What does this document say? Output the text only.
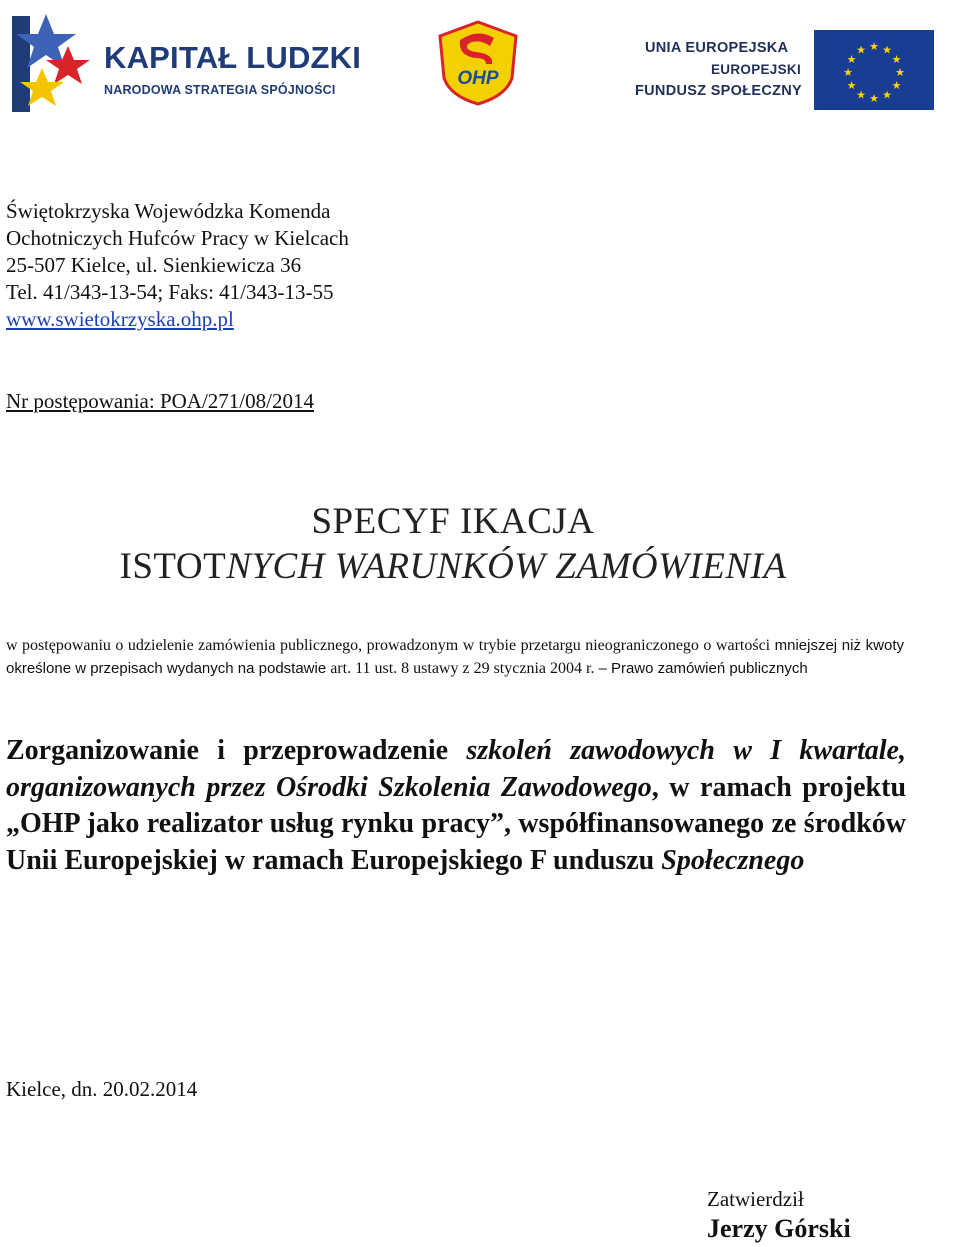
KAPITAŁ LUDZKI
NARODOWA STRATEGIA SPÓJNOŚCI
OHP
UNIA EUROPEJSKA
EUROPEJSKI
FUNDUSZ SPOŁECZNY
★ ★
★
★
★
★
★
★
★
★
★
★
Świętokrzyska Wojewódzka Komenda
Ochotniczych Hufców Pracy w Kielcach
25-507 Kielce, ul. Sienkiewicza 36
Tel. 41/343-13-54; Faks: 41/343-13-55
www.swietokrzyska.ohp.pl
Nr postępowania: POA/271/08/2014
SPECYF IKACJA
ISTOTNYCH WARUNKÓW ZAMÓWIENIA
w postępowaniu o udzielenie zamówienia publicznego, prowadzonym w trybie przetargu nieograniczonego o wartości mniejszej niż kwoty określone w przepisach wydanych na podstawie art. 11 ust. 8 ustawy z 29 stycznia 2004 r. – Prawo zamówień publicznych
Zorganizowanie i przeprowadzenie szkoleń zawodowych w I kwartale, organizowanych przez Ośrodki Szkolenia Zawodowego, w ramach projektu „OHP jako realizator usług rynku pracy”, współfinansowanego ze środków Unii Europejskiej w ramach Europejskiego F unduszu Społecznego
Kielce, dn. 20.02.2014
Zatwierdził
Jerzy Górski
